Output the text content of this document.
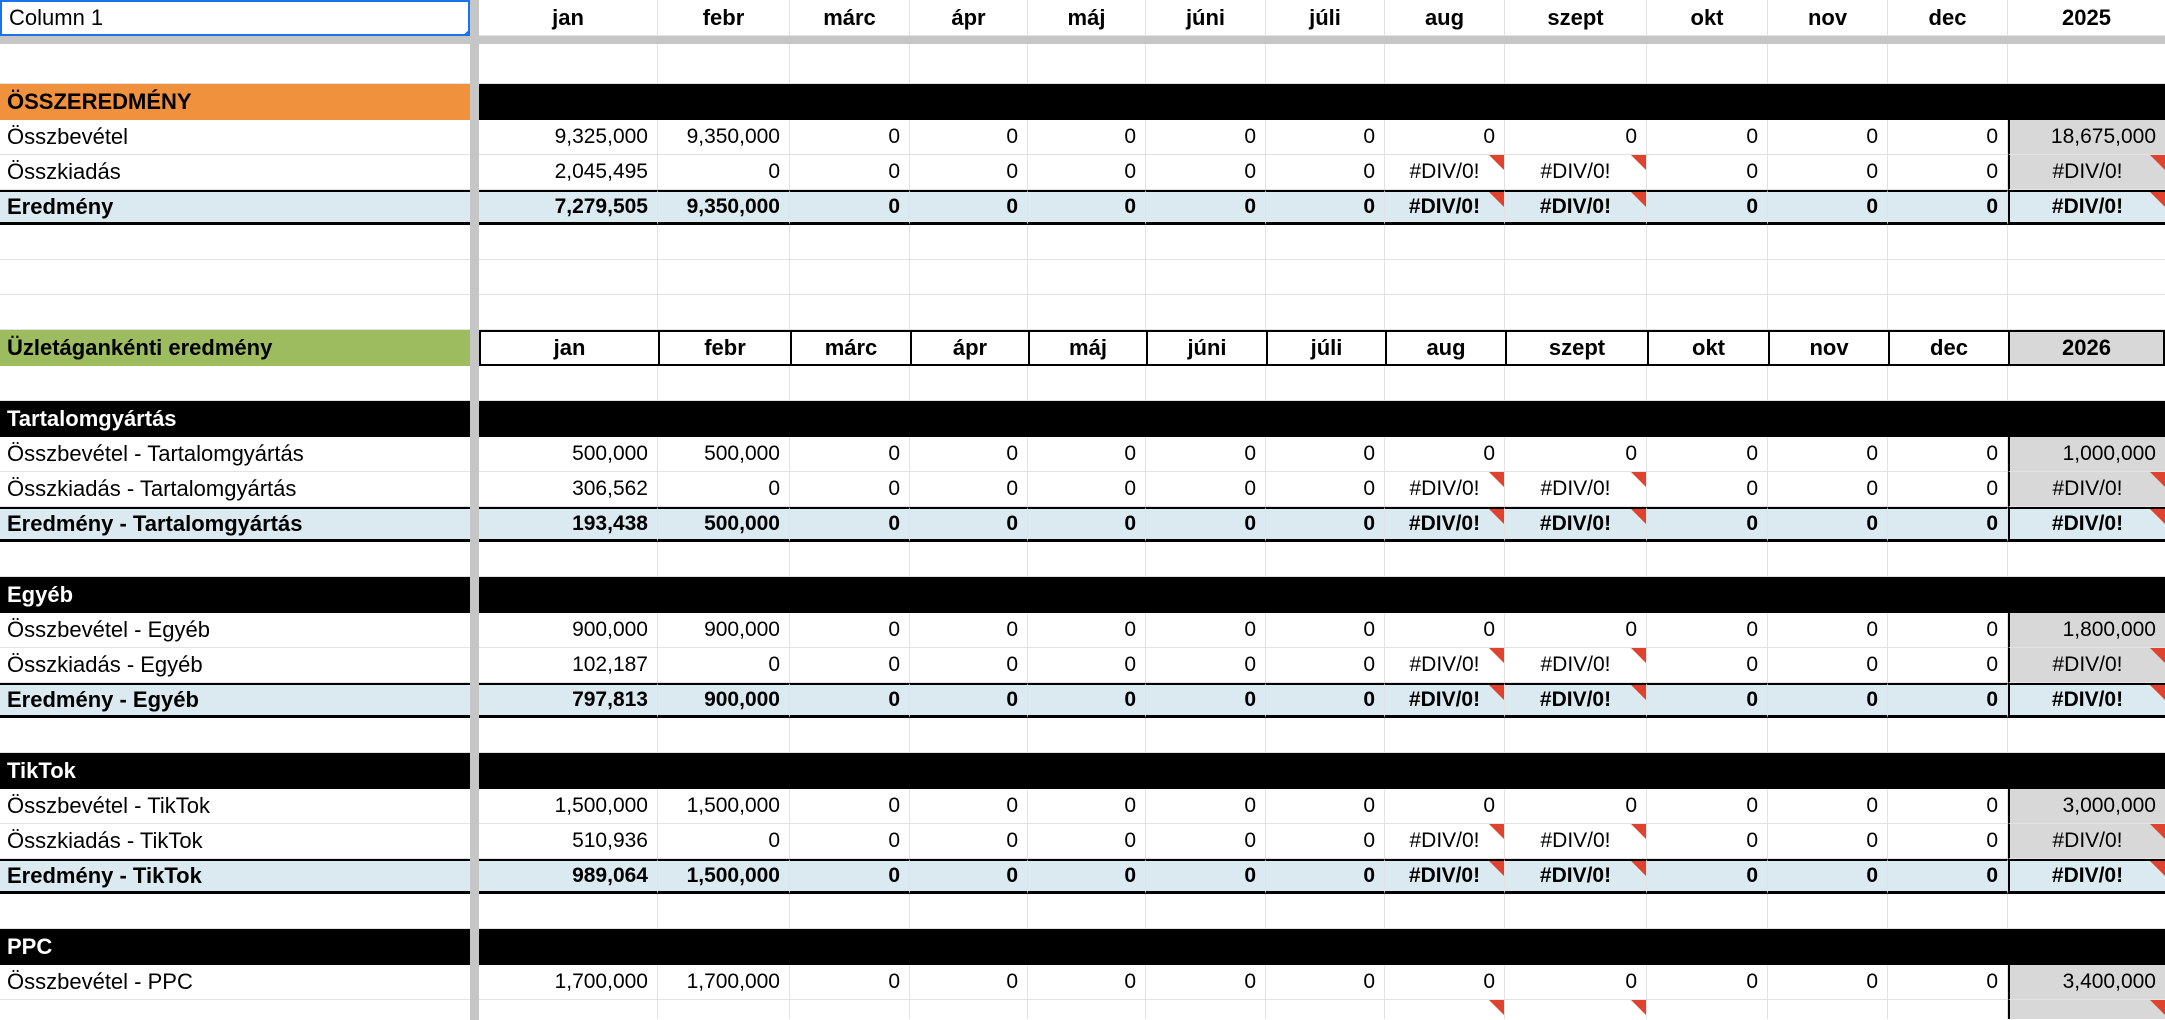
Column 1	jan	febr	márc	ápr	máj	júni	júli	aug	szept	okt	nov	dec	2025
ÖSSZEREDMÉNY
Összbevétel	9,325,000	9,350,000	0	0	0	0	0	0	0	0	0	0	18,675,000
Összkiadás	2,045,495	0	0	0	0	0	0	#DIV/0!	#DIV/0!	0	0	0	#DIV/0!
Eredmény	7,279,505	9,350,000	0	0	0	0	0	#DIV/0!	#DIV/0!	0	0	0	#DIV/0!
Üzletágankénti eredmény	jan	febr	márc	ápr	máj	júni	júli	aug	szept	okt	nov	dec	2026
Tartalomgyártás
Összbevétel - Tartalomgyártás	500,000	500,000	0	0	0	0	0	0	0	0	0	0	1,000,000
Összkiadás - Tartalomgyártás	306,562	0	0	0	0	0	0	#DIV/0!	#DIV/0!	0	0	0	#DIV/0!
Eredmény - Tartalomgyártás	193,438	500,000	0	0	0	0	0	#DIV/0!	#DIV/0!	0	0	0	#DIV/0!
Egyéb
Összbevétel - Egyéb	900,000	900,000	0	0	0	0	0	0	0	0	0	0	1,800,000
Összkiadás - Egyéb	102,187	0	0	0	0	0	0	#DIV/0!	#DIV/0!	0	0	0	#DIV/0!
Eredmény - Egyéb	797,813	900,000	0	0	0	0	0	#DIV/0!	#DIV/0!	0	0	0	#DIV/0!
TikTok
Összbevétel - TikTok	1,500,000	1,500,000	0	0	0	0	0	0	0	0	0	0	3,000,000
Összkiadás - TikTok	510,936	0	0	0	0	0	0	#DIV/0!	#DIV/0!	0	0	0	#DIV/0!
Eredmény - TikTok	989,064	1,500,000	0	0	0	0	0	#DIV/0!	#DIV/0!	0	0	0	#DIV/0!
PPC
Összbevétel - PPC	1,700,000	1,700,000	0	0	0	0	0	0	0	0	0	0	3,400,000
